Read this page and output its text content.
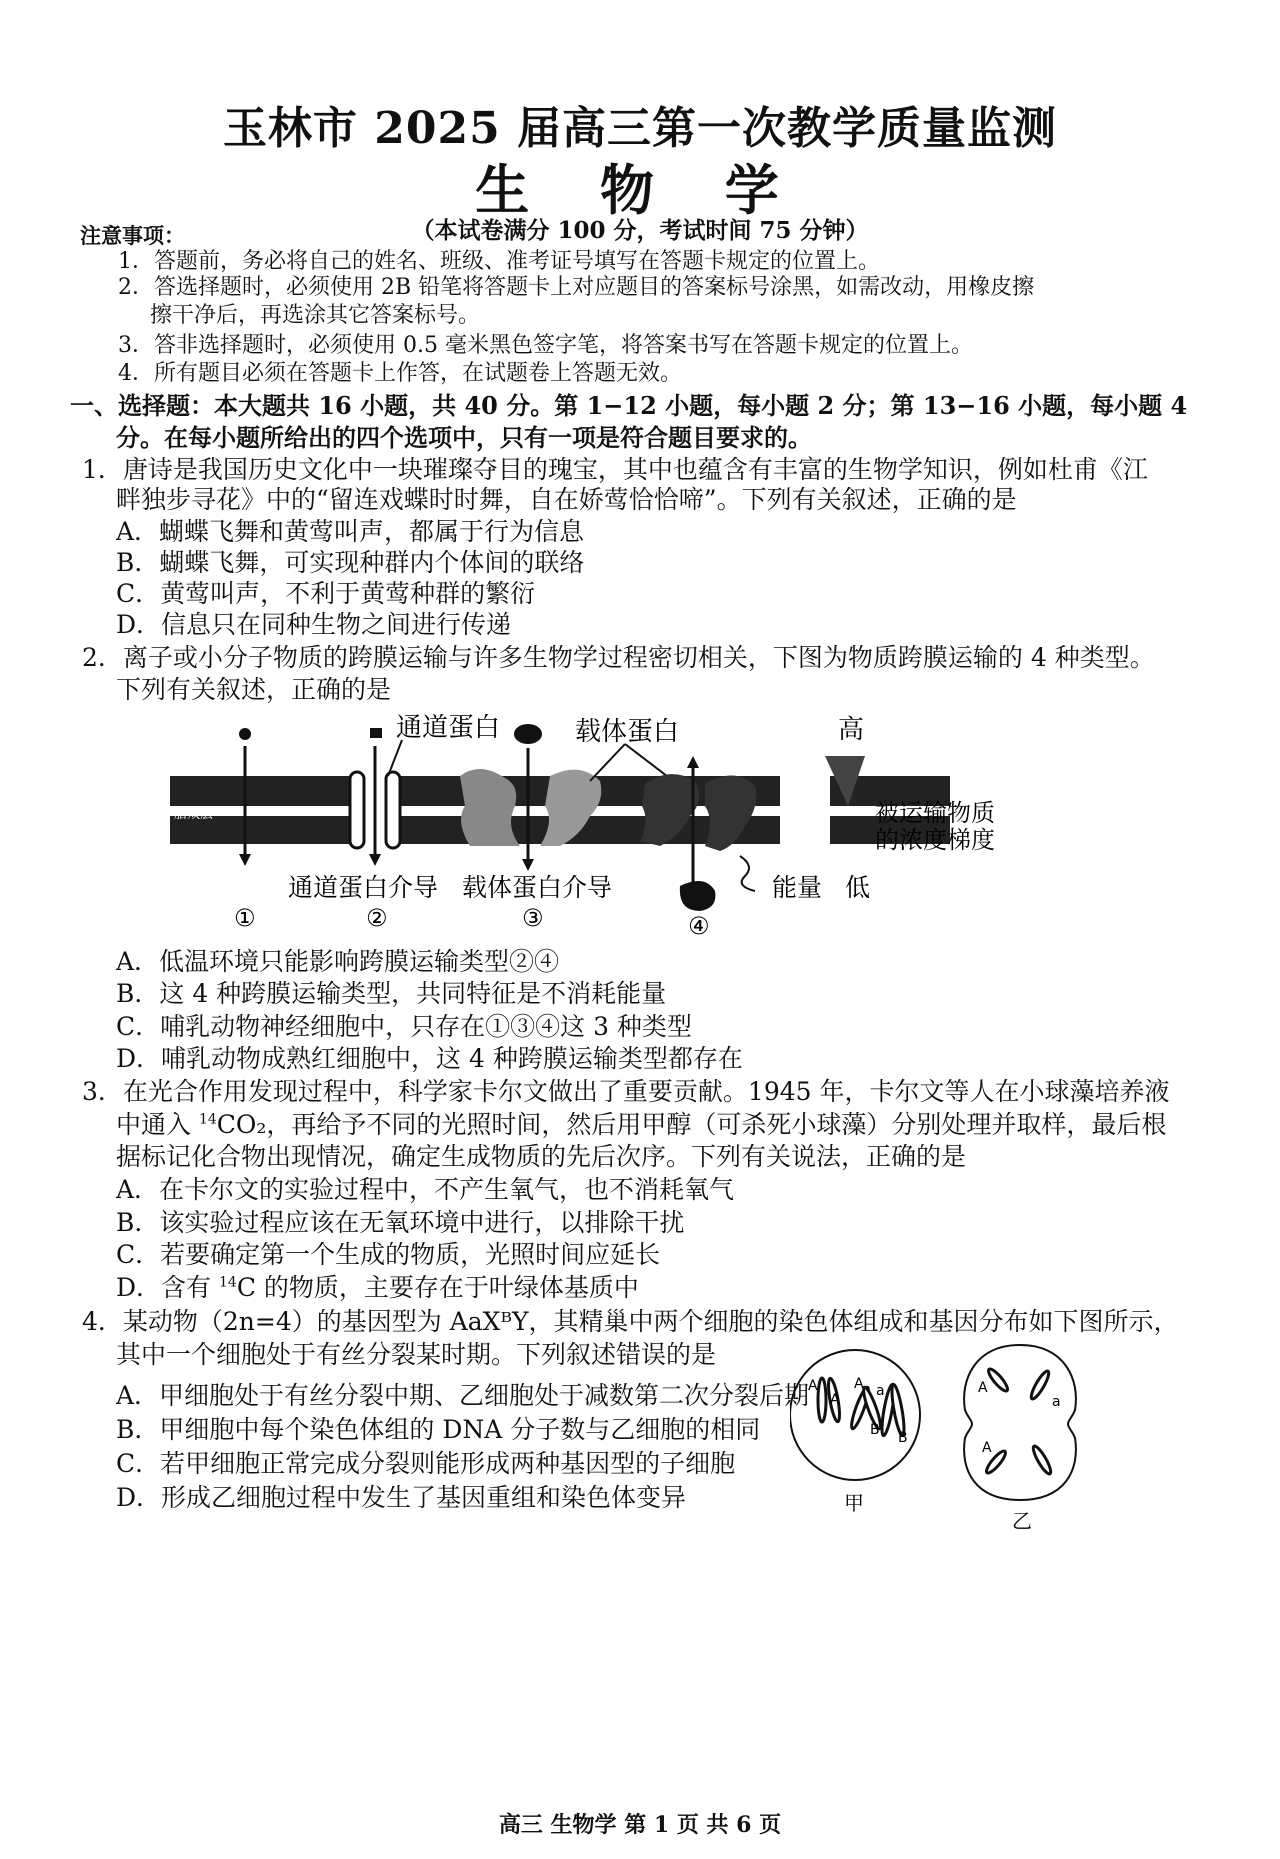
玉林市 2025 届高三第一次教学质量监测
生 物 学
（本试卷满分 100 分，考试时间 75 分钟）
注意事项：
1．答题前，务必将自己的姓名、班级、准考证号填写在答题卡规定的位置上。
2．答选择题时，必须使用 2B 铅笔将答题卡上对应题目的答案标号涂黑，如需改动，用橡皮擦
擦干净后，再选涂其它答案标号。
3．答非选择题时，必须使用 0.5 毫米黑色签字笔，将答案书写在答题卡规定的位置上。
4．所有题目必须在答题卡上作答，在试题卷上答题无效。
一、选择题：本大题共 16 小题，共 40 分。第 1−12 小题，每小题 2 分；第 13−16 小题，每小题 4
分。在每小题所给出的四个选项中，只有一项是符合题目要求的。
1．唐诗是我国历史文化中一块璀璨夺目的瑰宝，其中也蕴含有丰富的生物学知识，例如杜甫《江
畔独步寻花》中的“留连戏蝶时时舞，自在娇莺恰恰啼”。下列有关叙述，正确的是
A．蝴蝶飞舞和黄莺叫声，都属于行为信息
B．蝴蝶飞舞，可实现种群内个体间的联络
C．黄莺叫声，不利于黄莺种群的繁衍
D．信息只在同种生物之间进行传递
2．离子或小分子物质的跨膜运输与许多生物学过程密切相关，下图为物质跨膜运输的 4 种类型。
下列有关叙述，正确的是
脂双层
通道蛋白	载体蛋白	高
被运输物质
的浓度梯度
通道蛋白介导 载体蛋白介导	能量 低
①	②	③	④
A．低温环境只能影响跨膜运输类型②④
B．这 4 种跨膜运输类型，共同特征是不消耗能量
C．哺乳动物神经细胞中，只存在①③④这 3 种类型
D．哺乳动物成熟红细胞中，这 4 种跨膜运输类型都存在
3．在光合作用发现过程中，科学家卡尔文做出了重要贡献。1945 年，卡尔文等人在小球藻培养液
中通入 $^{14}$CO₂，再给予不同的光照时间，然后用甲醇（可杀死小球藻）分别处理并取样，最后根
据标记化合物出现情况，确定生成物质的先后次序。下列有关说法，正确的是
A．在卡尔文的实验过程中，不产生氧气，也不消耗氧气
B．该实验过程应该在无氧环境中进行，以排除干扰
C．若要确定第一个生成的物质，光照时间应延长
D．含有 $^{14}$C 的物质，主要存在于叶绿体基质中
4．某动物（2n=4）的基因型为 AaXᴮY，其精巢中两个细胞的染色体组成和基因分布如下图所示，
其中一个细胞处于有丝分裂某时期。下列叙述错误的是
A．甲细胞处于有丝分裂中期、乙细胞处于减数第二次分裂后期
B．甲细胞中每个染色体组的 DNA 分子数与乙细胞的相同
C．若甲细胞正常完成分裂则能形成两种基因型的子细胞
D．形成乙细胞过程中发生了基因重组和染色体变异
A
A
A a
B B
甲
A
a
A
乙
高三 生物学 第 1 页 共 6 页
